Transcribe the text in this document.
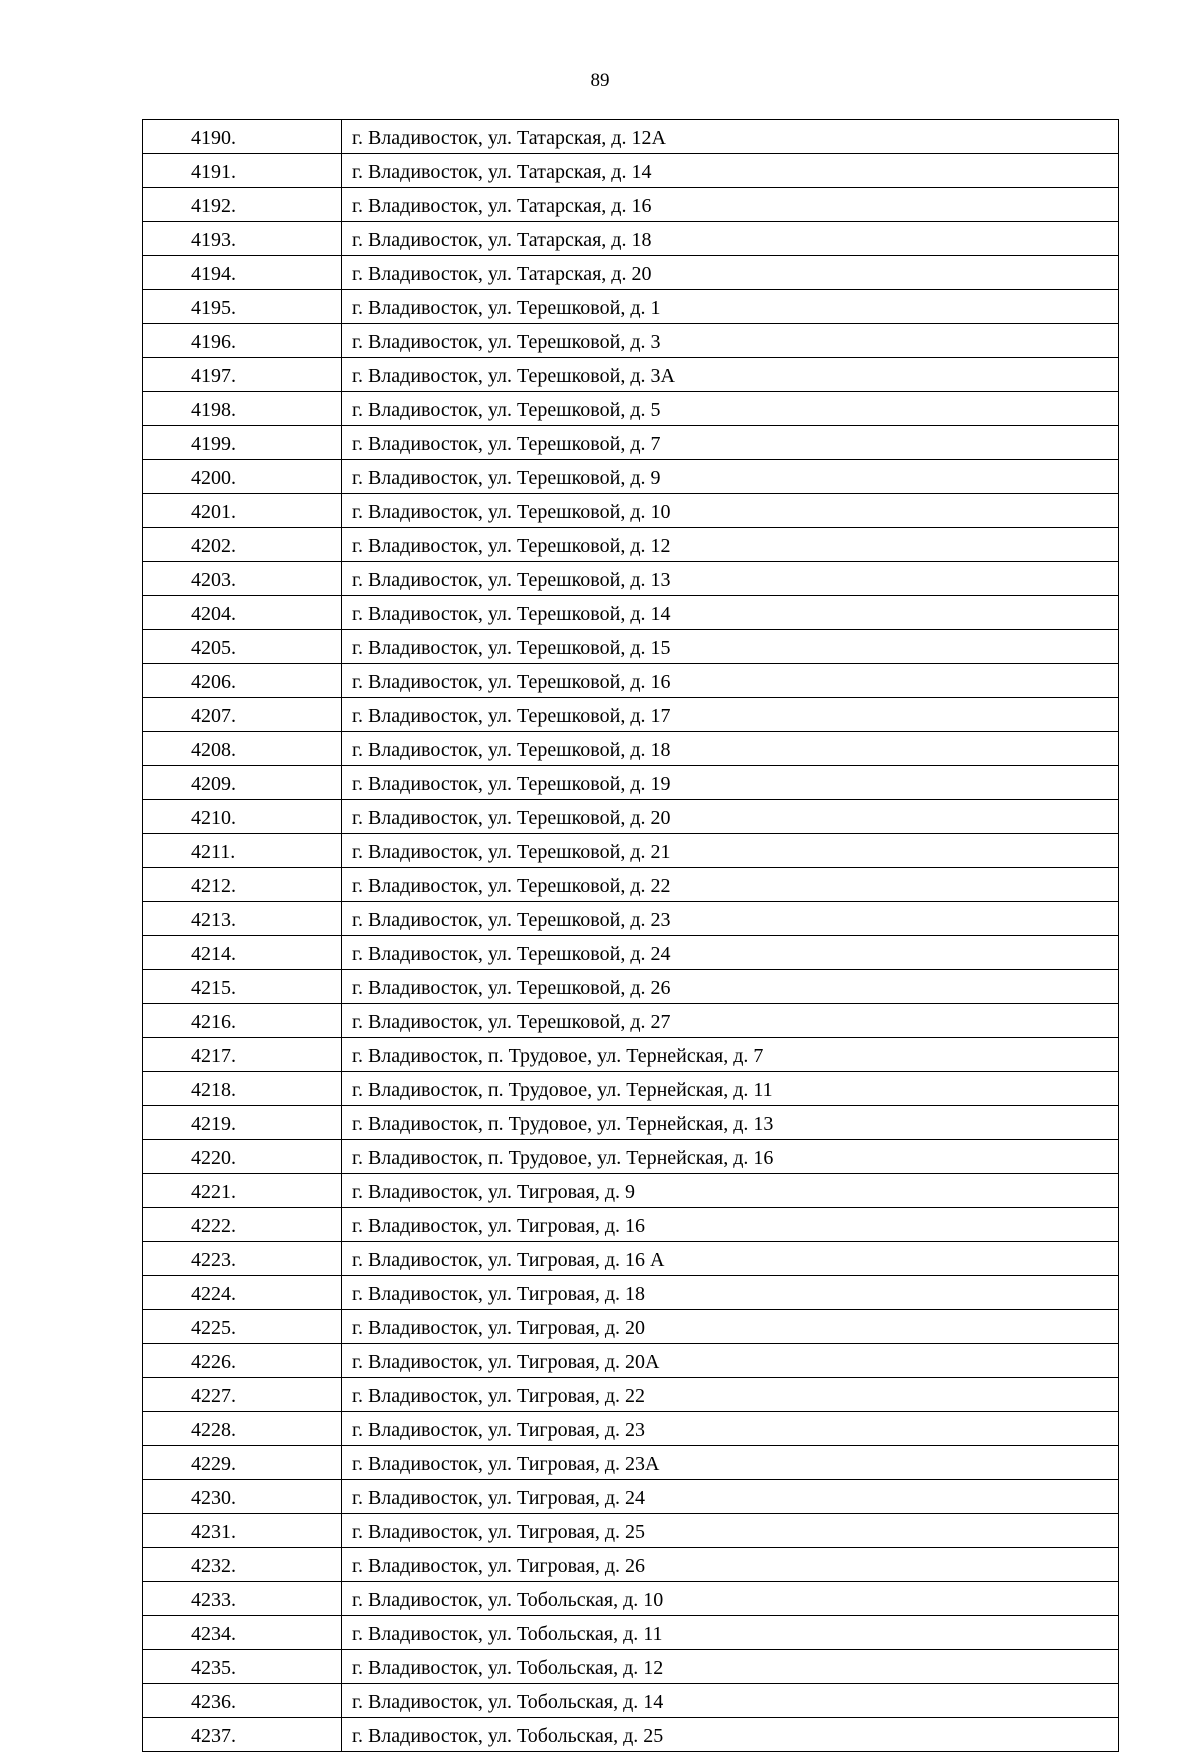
89
4190.	г. Владивосток, ул. Татарская, д. 12А
4191.	г. Владивосток, ул. Татарская, д. 14
4192.	г. Владивосток, ул. Татарская, д. 16
4193.	г. Владивосток, ул. Татарская, д. 18
4194.	г. Владивосток, ул. Татарская, д. 20
4195.	г. Владивосток, ул. Терешковой, д. 1
4196.	г. Владивосток, ул. Терешковой, д. 3
4197.	г. Владивосток, ул. Терешковой, д. 3А
4198.	г. Владивосток, ул. Терешковой, д. 5
4199.	г. Владивосток, ул. Терешковой, д. 7
4200.	г. Владивосток, ул. Терешковой, д. 9
4201.	г. Владивосток, ул. Терешковой, д. 10
4202.	г. Владивосток, ул. Терешковой, д. 12
4203.	г. Владивосток, ул. Терешковой, д. 13
4204.	г. Владивосток, ул. Терешковой, д. 14
4205.	г. Владивосток, ул. Терешковой, д. 15
4206.	г. Владивосток, ул. Терешковой, д. 16
4207.	г. Владивосток, ул. Терешковой, д. 17
4208.	г. Владивосток, ул. Терешковой, д. 18
4209.	г. Владивосток, ул. Терешковой, д. 19
4210.	г. Владивосток, ул. Терешковой, д. 20
4211.	г. Владивосток, ул. Терешковой, д. 21
4212.	г. Владивосток, ул. Терешковой, д. 22
4213.	г. Владивосток, ул. Терешковой, д. 23
4214.	г. Владивосток, ул. Терешковой, д. 24
4215.	г. Владивосток, ул. Терешковой, д. 26
4216.	г. Владивосток, ул. Терешковой, д. 27
4217.	г. Владивосток, п. Трудовое, ул. Тернейская, д. 7
4218.	г. Владивосток, п. Трудовое, ул. Тернейская, д. 11
4219.	г. Владивосток, п. Трудовое, ул. Тернейская, д. 13
4220.	г. Владивосток, п. Трудовое, ул. Тернейская, д. 16
4221.	г. Владивосток, ул. Тигровая, д. 9
4222.	г. Владивосток, ул. Тигровая, д. 16
4223.	г. Владивосток, ул. Тигровая, д. 16 А
4224.	г. Владивосток, ул. Тигровая, д. 18
4225.	г. Владивосток, ул. Тигровая, д. 20
4226.	г. Владивосток, ул. Тигровая, д. 20А
4227.	г. Владивосток, ул. Тигровая, д. 22
4228.	г. Владивосток, ул. Тигровая, д. 23
4229.	г. Владивосток, ул. Тигровая, д. 23А
4230.	г. Владивосток, ул. Тигровая, д. 24
4231.	г. Владивосток, ул. Тигровая, д. 25
4232.	г. Владивосток, ул. Тигровая, д. 26
4233.	г. Владивосток, ул. Тобольская, д. 10
4234.	г. Владивосток, ул. Тобольская, д. 11
4235.	г. Владивосток, ул. Тобольская, д. 12
4236.	г. Владивосток, ул. Тобольская, д. 14
4237.	г. Владивосток, ул. Тобольская, д. 25
